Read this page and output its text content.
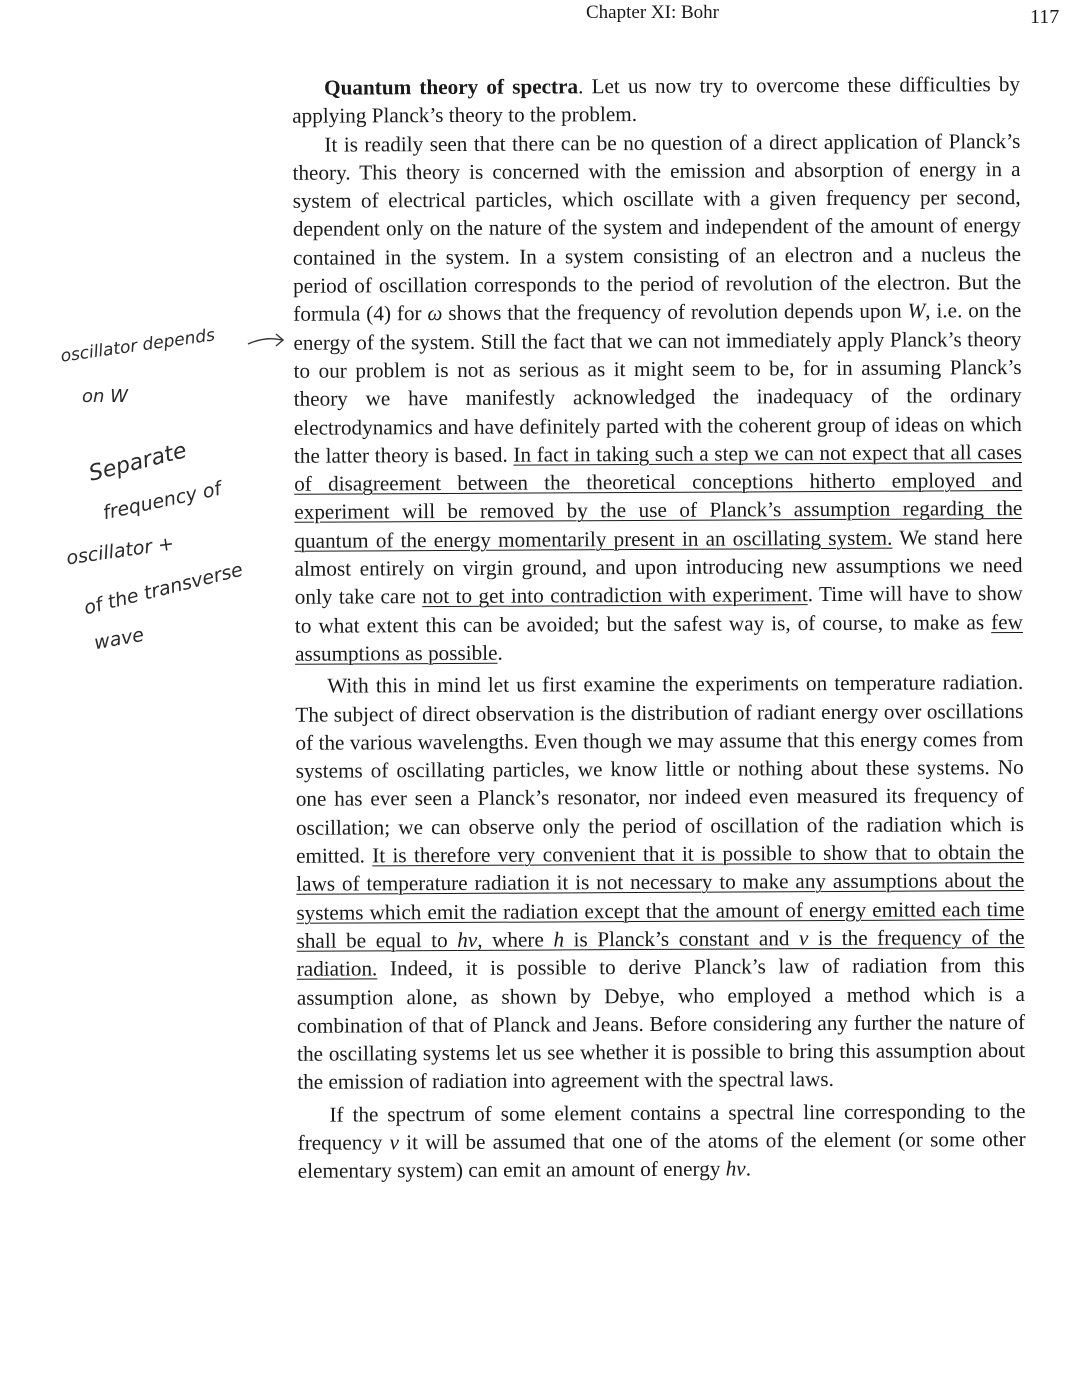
Chapter XI: Bohr	117
oscillator depends
on W
Separate
frequency of
oscillator +
of the transverse
wave

Quantum theory of spectra. Let us now try to overcome these difficulties by applying Planck’s theory to the problem.

It is readily seen that there can be no question of a direct application of Planck’s theory. This theory is concerned with the emission and absorption of energy in a system of electrical particles, which oscillate with a given frequency per second, dependent only on the nature of the system and independent of the amount of energy contained in the system. In a system consisting of an electron and a nucleus the period of oscillation corresponds to the period of revolution of the electron. But the formula (4) for ω shows that the frequency of revolution depends upon W, i.e. on the energy of the system. Still the fact that we can not immediately apply Planck’s theory to our problem is not as serious as it might seem to be, for in assuming Planck’s theory we have manifestly acknowledged the inadequacy of the ordinary electrodynamics and have definitely parted with the coherent group of ideas on which the latter theory is based. In fact in taking such a step we can not expect that all cases of disagreement between the theoretical conceptions hitherto employed and experiment will be removed by the use of Planck’s assumption regarding the quantum of the energy momentarily present in an oscillating system. We stand here almost entirely on virgin ground, and upon introducing new assumptions we need only take care not to get into contradiction with experiment. Time will have to show to what extent this can be avoided; but the safest way is, of course, to make as few assumptions as possible.

With this in mind let us first examine the experiments on temperature radiation. The subject of direct observation is the distribution of radiant energy over oscillations of the various wavelengths. Even though we may assume that this energy comes from systems of oscillating particles, we know little or nothing about these systems. No one has ever seen a Planck’s resonator, nor indeed even measured its frequency of oscillation; we can observe only the period of oscillation of the radiation which is emitted. It is therefore very convenient that it is possible to show that to obtain the laws of temperature radiation it is not necessary to make any assumptions about the systems which emit the radiation except that the amount of energy emitted each time shall be equal to hν, where h is Planck’s constant and ν is the frequency of the radiation. Indeed, it is possible to derive Planck’s law of radiation from this assumption alone, as shown by Debye, who employed a method which is a combination of that of Planck and Jeans. Before considering any further the nature of the oscillating systems let us see whether it is possible to bring this assumption about the emission of radiation into agreement with the spectral laws.

If the spectrum of some element contains a spectral line corresponding to the frequency ν it will be assumed that one of the atoms of the element (or some other elementary system) can emit an amount of energy hν.
